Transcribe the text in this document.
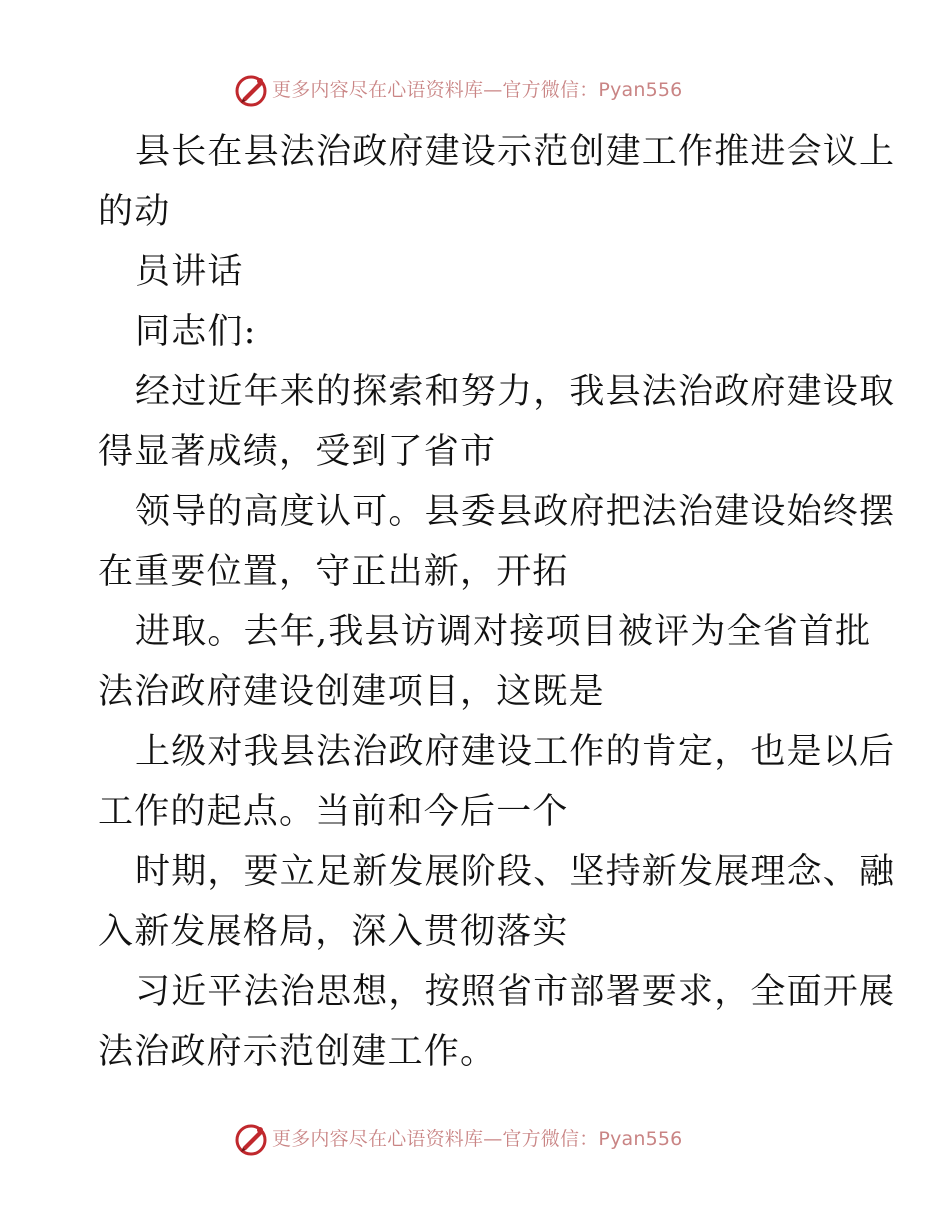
更多内容尽在心语资料库—官方微信：Pyan556
县长在县法治政府建设示范创建工作推进会议上
的动
员讲话
同志们:
经过近年来的探索和努力，我县法治政府建设取
得显著成绩，受到了省市
领导的高度认可。县委县政府把法治建设始终摆
在重要位置，守正出新，开拓
进取。去年,我县访调对接项目被评为全省首批
法治政府建设创建项目，这既是
上级对我县法治政府建设工作的肯定，也是以后
工作的起点。当前和今后一个
时期，要立足新发展阶段、坚持新发展理念、融
入新发展格局，深入贯彻落实
习近平法治思想，按照省市部署要求，全面开展
法治政府示范创建工作。
更多内容尽在心语资料库—官方微信：Pyan556
